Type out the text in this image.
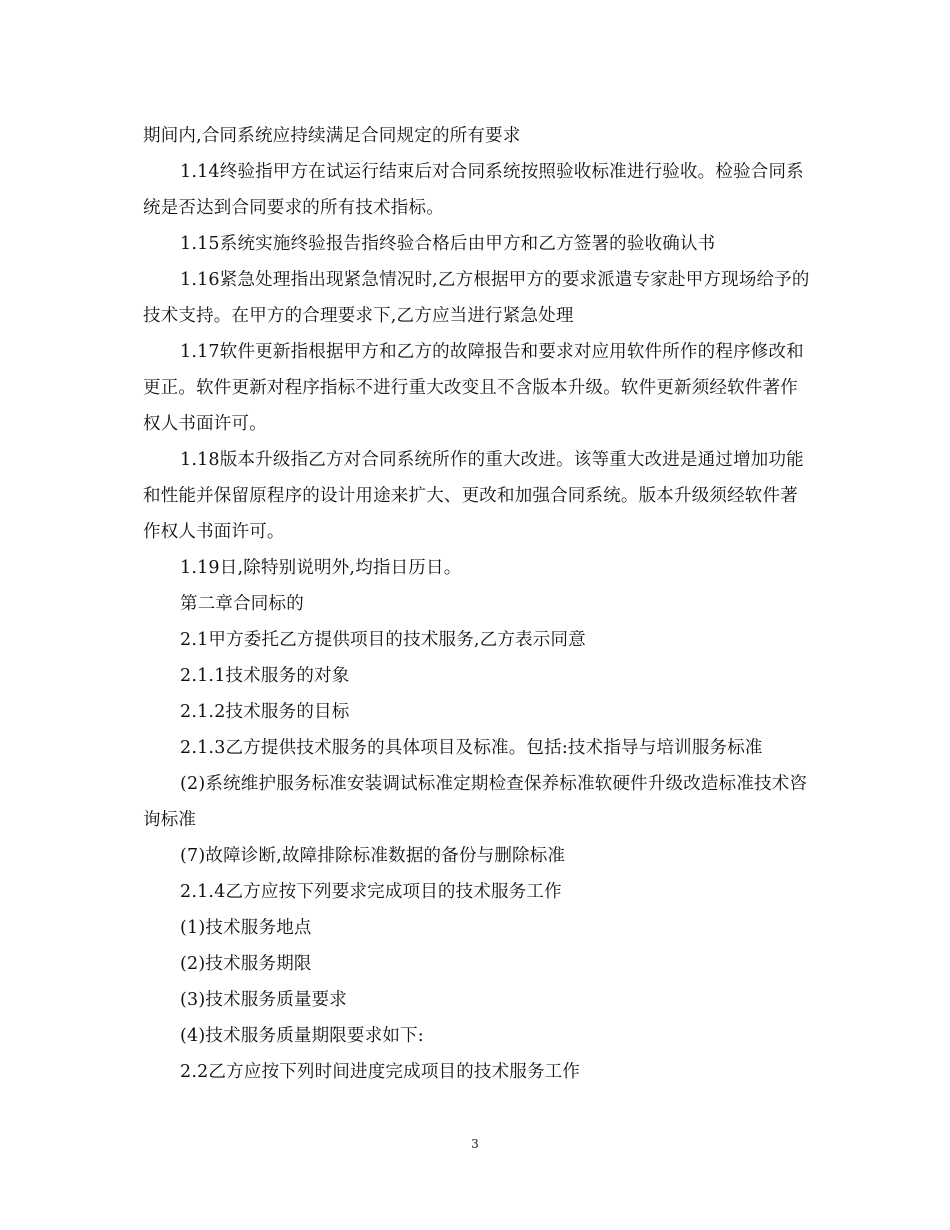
期间内,合同系统应持续满足合同规定的所有要求

1.14终验指甲方在试运行结束后对合同系统按照验收标准进行验收。检验合同系统是否达到合同要求的所有技术指标。

1.15系统实施终验报告指终验合格后由甲方和乙方签署的验收确认书

1.16紧急处理指出现紧急情况时,乙方根据甲方的要求派遣专家赴甲方现场给予的技术支持。在甲方的合理要求下,乙方应当进行紧急处理

1.17软件更新指根据甲方和乙方的故障报告和要求对应用软件所作的程序修改和更正。软件更新对程序指标不进行重大改变且不含版本升级。软件更新须经软件著作权人书面许可。

1.18版本升级指乙方对合同系统所作的重大改进。该等重大改进是通过增加功能和性能并保留原程序的设计用途来扩大、更改和加强合同系统。版本升级须经软件著作权人书面许可。

1.19日,除特别说明外,均指日历日。

第二章合同标的

2.1甲方委托乙方提供项目的技术服务,乙方表示同意

2.1.1技术服务的对象

2.1.2技术服务的目标

2.1.3乙方提供技术服务的具体项目及标准。包括:技术指导与培训服务标准

(2)系统维护服务标准安装调试标准定期检查保养标准软硬件升级改造标准技术咨询标准

(7)故障诊断,故障排除标准数据的备份与删除标准

2.1.4乙方应按下列要求完成项目的技术服务工作

(1)技术服务地点

(2)技术服务期限

(3)技术服务质量要求

(4)技术服务质量期限要求如下:

2.2乙方应按下列时间进度完成项目的技术服务工作

3
